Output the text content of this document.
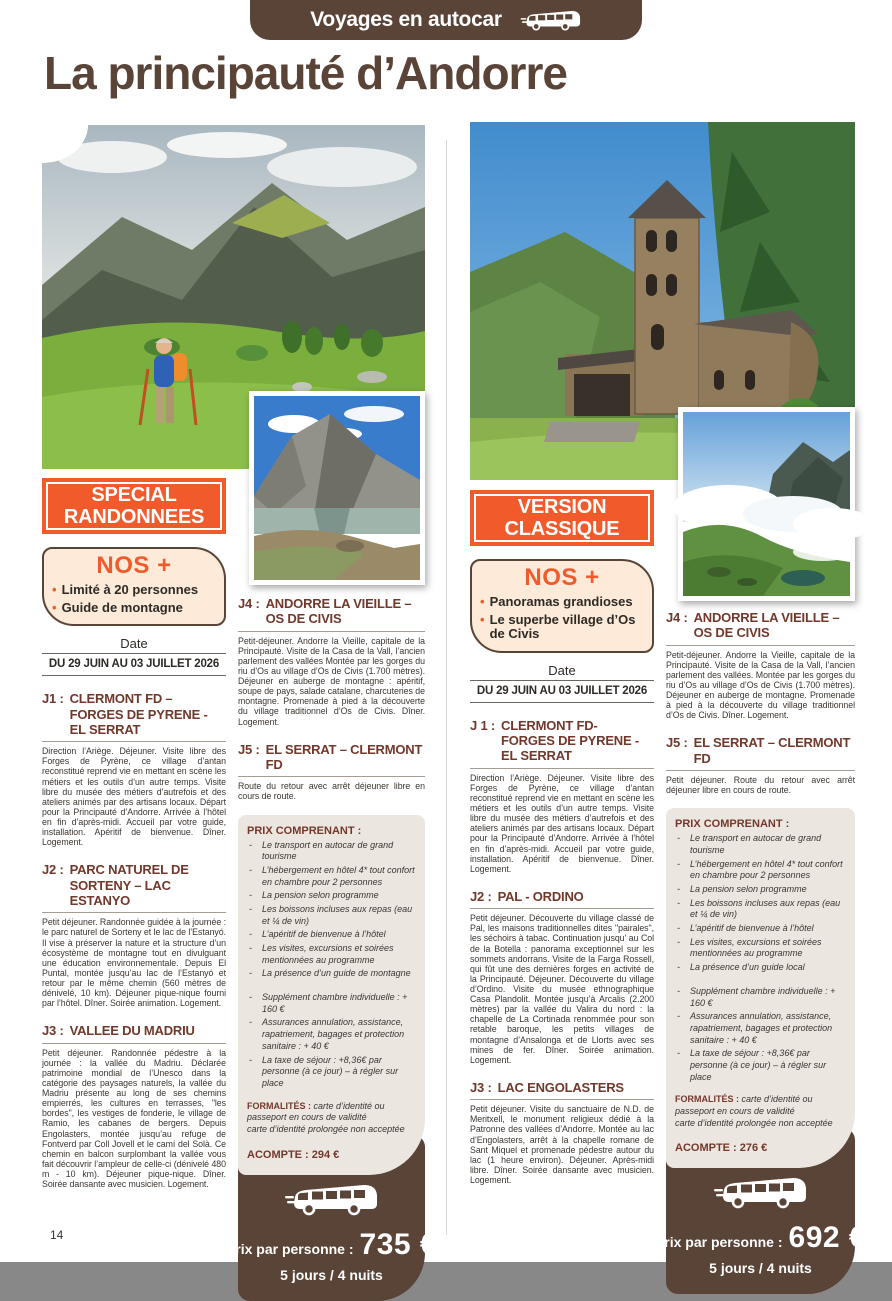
Voyages en autocar
La principauté d’Andorre
SPECIAL
RANDONNEES
NOS +
• Limité à 20 personnes
• Guide de montagne
Date
DU 29 JUIN AU 03 JUILLET 2026
J1 : CLERMONT FD – FORGES DE PYRENE - EL SERRAT
Direction l’Ariège. Déjeuner. Visite libre des Forges de Pyrène, ce village d’antan reconstitué reprend vie en mettant en scène les métiers et les outils d’un autre temps. Visite libre du musée des métiers d’autrefois et des ateliers animés par des artisans locaux. Départ pour la Principauté d’Andorre. Arrivée à l’hôtel en fin d’après-midi. Accueil par votre guide, installation. Apéritif de bienvenue. Dîner. Logement.
J2 : PARC NATUREL DE SORTENY – LAC ESTANYO
Petit déjeuner. Randonnée guidée à la journée : le parc naturel de Sorteny et le lac de l’Estanyó. Il vise à préserver la nature et la structure d’un écosystème de montagne tout en divulguant une éducation environnementale. Depuis El Puntal, montée jusqu’au lac de l’Estanyó et retour par le même chemin (560 mètres de dénivelé, 10 km). Déjeuner pique-nique fourni par l’hôtel. Dîner. Soirée animation. Logement.
J3 : VALLEE DU MADRIU
Petit déjeuner. Randonnée pédestre à la journée : la vallée du Madriu. Déclarée patrimoine mondial de l’Unesco dans la catégorie des paysages naturels, la vallée du Madriu présente au long de ses chemins empierrés, les cultures en terrasses, "les bordes", les vestiges de fonderie, le village de Ramio, les cabanes de bergers. Depuis Engolasters, montée jusqu’au refuge de Fontverd par Coll Jovell et le camí del Solà. Ce chemin en balcon surplombant la vallée vous fait découvrir l’ampleur de celle-ci (dénivelé 480 m - 10 km). Déjeuner pique-nique. Dîner. Soirée dansante avec musicien. Logement.
J4 : ANDORRE LA VIEILLE – OS DE CIVIS
Petit-déjeuner. Andorre la Vieille, capitale de la Principauté. Visite de la Casa de la Vall, l’ancien parlement des vallées Montée par les gorges du riu d’Os au village d’Os de Civis (1.700 mètres). Déjeuner en auberge de montagne : apéritif, soupe de pays, salade catalane, charcuteries de montagne. Promenade à pied à la découverte du village traditionnel d’Os de Civis. Dîner. Logement.
J5 : EL SERRAT – CLERMONT FD
Route du retour avec arrêt déjeuner libre en cours de route.
PRIX COMPRENANT :
- Le transport en autocar de grand tourisme
- L’hébergement en hôtel 4* tout confort en chambre pour 2 personnes
- La pension selon programme
- Les boissons incluses aux repas (eau et ¼ de vin)
- L’apéritif de bienvenue à l’hôtel
- Les visites, excursions et soirées mentionnées au programme
- La présence d’un guide de montagne
- Supplément chambre individuelle : + 160 €
- Assurances annulation, assistance, rapatriement, bagages et protection sanitaire : + 40 €
- La taxe de séjour : +8,36€ par personne (à ce jour) – à régler sur place
FORMALITÉS : carte d’identité ou passeport en cours de validité
carte d’identité prolongée non acceptée
ACOMPTE : 294 €
Prix par personne : 735 €
5 jours / 4 nuits
VERSION
CLASSIQUE
NOS +
• Panoramas grandioses
• Le superbe village d’Os de Civis
Date
DU 29 JUIN AU 03 JUILLET 2026
J 1 : CLERMONT FD- FORGES DE PYRENE - EL SERRAT
Direction l’Ariège. Déjeuner. Visite libre des Forges de Pyrène, ce village d’antan reconstitué reprend vie en mettant en scène les métiers et les outils d’un autre temps. Visite libre du musée des métiers d’autrefois et des ateliers animés par des artisans locaux. Départ pour la Principauté d’Andorre. Arrivée à l’hôtel en fin d’après-midi. Accueil par votre guide, installation. Apéritif de bienvenue. Dîner. Logement.
J2 : PAL - ORDINO
Petit déjeuner. Découverte du village classé de Pal, les maisons traditionnelles dites "pairales", les séchoirs à tabac. Continuation jusqu’ au Col de la Botella : panorama exceptionnel sur les sommets andorrans. Visite de la Farga Rossell, qui fût une des dernières forges en activité de la Principauté. Déjeuner. Découverte du village d’Ordino. Visite du musée ethnographique Casa Plandolit. Montée jusqu’à Arcalis (2.200 mètres) par la vallée du Valira du nord : la chapelle de La Cortinada renommée pour son retable baroque, les petits villages de montagne d’Ansalonga et de Llorts avec ses mines de fer. Dîner. Soirée animation. Logement.
J3 : LAC ENGOLASTERS
Petit déjeuner. Visite du sanctuaire de N.D. de Meritxell, le monument religieux dédié à la Patronne des vallées d’Andorre. Montée au lac d’Engolasters, arrêt à la chapelle romane de Sant Miquel et promenade pédestre autour du lac (1 heure environ). Déjeuner. Après-midi libre. Dîner. Soirée dansante avec musicien. Logement.
J4 : ANDORRE LA VIEILLE – OS DE CIVIS
Petit-déjeuner. Andorre la Vieille, capitale de la Principauté. Visite de la Casa de la Vall, l’ancien parlement des vallées. Montée par les gorges du riu d’Os au village d’Os de Civis (1.700 mètres). Déjeuner en auberge de montagne. Promenade à pied à la découverte du village traditionnel d’Os de Civis. Dîner. Logement.
J5 : EL SERRAT – CLERMONT FD
Petit déjeuner. Route du retour avec arrêt déjeuner libre en cours de route.
PRIX COMPRENANT :
- Le transport en autocar de grand tourisme
- L’hébergement en hôtel 4* tout confort en chambre pour 2 personnes
- La pension selon programme
- Les boissons incluses aux repas (eau et ¼ de vin)
- L’apéritif de bienvenue à l’hôtel
- Les visites, excursions et soirées mentionnées au programme
- La présence d’un guide local
- Supplément chambre individuelle : + 160 €
- Assurances annulation, assistance, rapatriement, bagages et protection sanitaire : + 40 €
- La taxe de séjour : +8,36€ par personne (à ce jour) – à régler sur place
FORMALITÉS : carte d’identité ou passeport en cours de validité
carte d’identité prolongée non acceptée
ACOMPTE : 276 €
Prix par personne : 692 €
5 jours / 4 nuits
14
